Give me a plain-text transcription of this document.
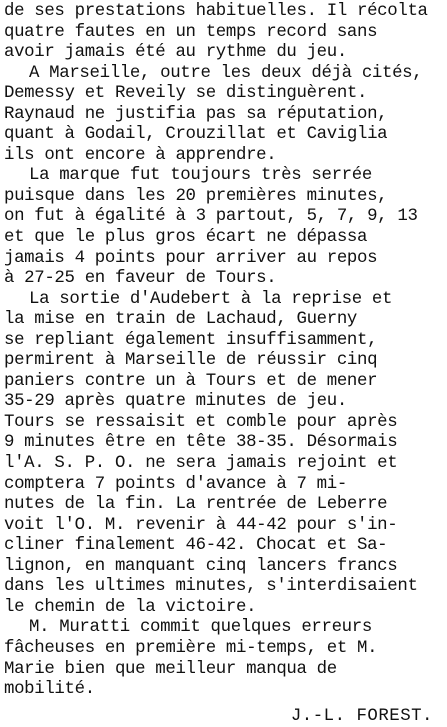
de ses prestations habituelles. Il récolta
quatre fautes en un temps record sans
avoir jamais été au rythme du jeu.
A Marseille, outre les deux déjà cités,
Demessy et Reveily se distinguèrent.
Raynaud ne justifia pas sa réputation,
quant à Godail, Crouzillat et Caviglia
ils ont encore à apprendre.
La marque fut toujours très serrée
puisque dans les 20 premières minutes,
on fut à égalité à 3 partout, 5, 7, 9, 13
et que le plus gros écart ne dépassa
jamais 4 points pour arriver au repos
à 27-25 en faveur de Tours.
La sortie d'Audebert à la reprise et
la mise en train de Lachaud, Guerny
se repliant également insuffisamment,
permirent à Marseille de réussir cinq
paniers contre un à Tours et de mener
35-29 après quatre minutes de jeu.
Tours se ressaisit et comble pour après
9 minutes être en tête 38-35. Désormais
l'A. S. P. O. ne sera jamais rejoint et
comptera 7 points d'avance à 7 mi-
nutes de la fin. La rentrée de Leberre
voit l'O. M. revenir à 44-42 pour s'in-
cliner finalement 46-42. Chocat et Sa-
lignon, en manquant cinq lancers francs
dans les ultimes minutes, s'interdisaient
le chemin de la victoire.
M. Muratti commit quelques erreurs
fâcheuses en première mi-temps, et M.
Marie bien que meilleur manqua de
mobilité.
J.-L. FOREST.
